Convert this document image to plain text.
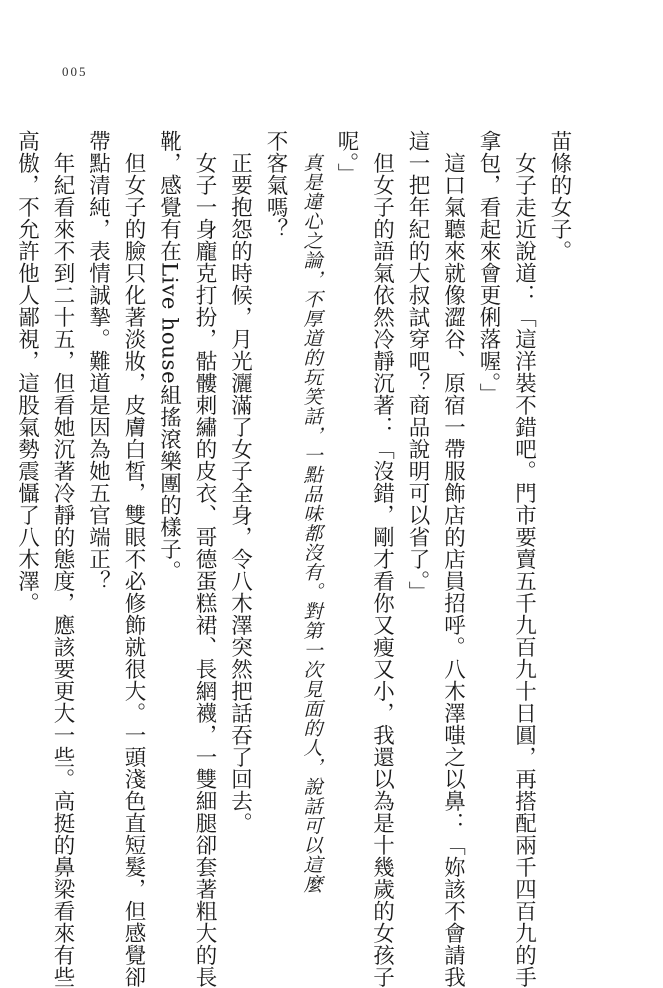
005
苗條的女子。
女子走近說道：「這洋裝不錯吧。門市要賣五千九百九十日圓，再搭配兩千四百九的手
拿包，看起來會更俐落喔。」
這口氣聽來就像澀谷、原宿一帶服飾店的店員招呼。八木澤嗤之以鼻：「妳該不會請我
這一把年紀的大叔試穿吧？商品說明可以省了。」
但女子的語氣依然冷靜沉著：「沒錯，剛才看你又瘦又小，我還以為是十幾歲的女孩子
呢。」
真是違心之論，不厚道的玩笑話，一點品味都沒有。對第一次見面的人，說話可以這麼
不客氣嗎？
正要抱怨的時候，月光灑滿了女子全身，令八木澤突然把話吞了回去。
女子一身龐克打扮，骷髏刺繡的皮衣、哥德蛋糕裙、長網襪，一雙細腿卻套著粗大的長
靴，感覺有在Live house組搖滾樂團的樣子。
但女子的臉只化著淡妝，皮膚白皙，雙眼不必修飾就很大。一頭淺色直短髮，但感覺卻
帶點清純，表情誠摯。難道是因為她五官端正？
年紀看來不到二十五，但看她沉著冷靜的態度，應該要更大一些。高挺的鼻梁看來有些
高傲，不允許他人鄙視，這股氣勢震懾了八木澤。
